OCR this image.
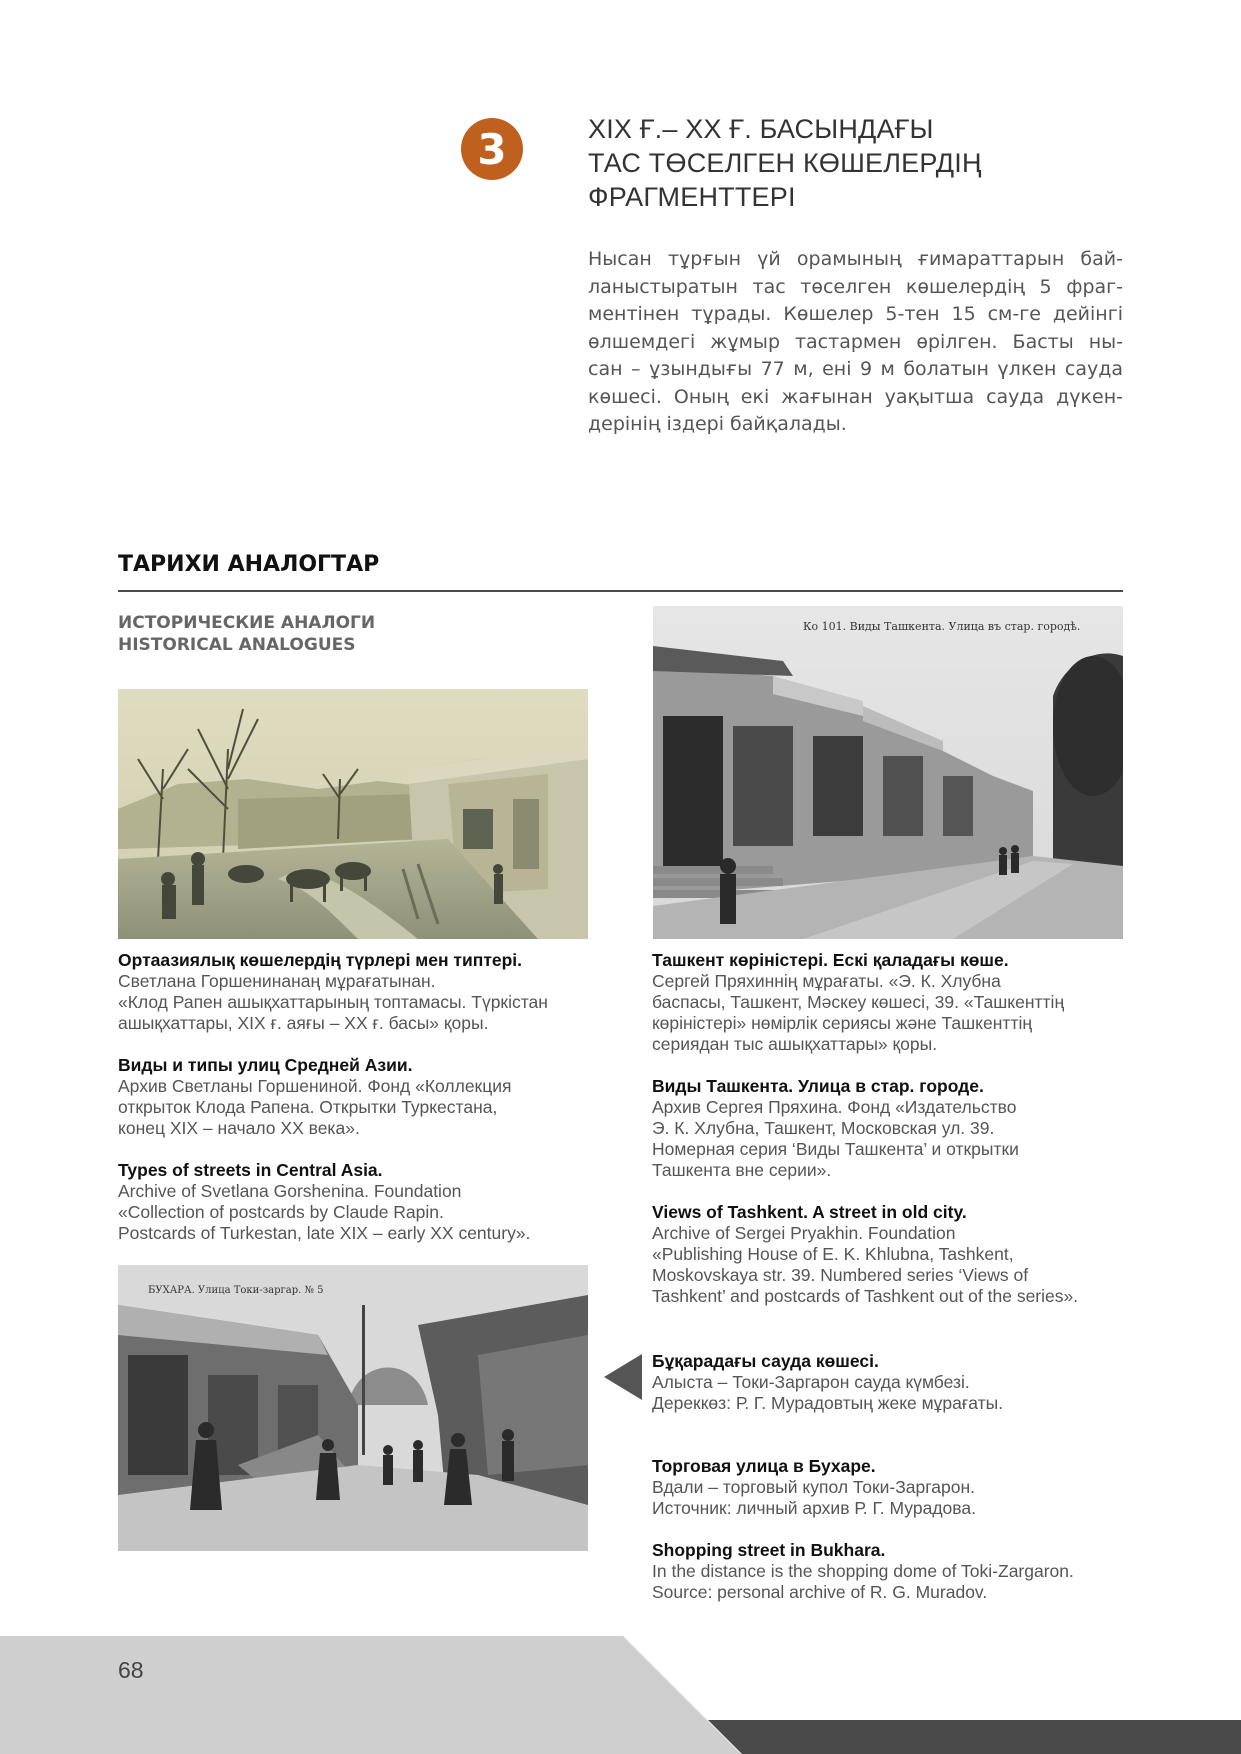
3	XIX Ғ.– XX Ғ. БАСЫНДАҒЫ
ТАС ТӨСЕЛГЕН КӨШЕЛЕРДІҢ
ФРАГМЕНТТЕРІ
Нысан тұрғын үй орамының ғимараттарын бай-
ланыстыратын тас төселген көшелердің 5 фраг-
ментінен тұрады. Көшелер 5-тен 15 см-ге дейінгі
өлшемдегі жұмыр тастармен өрілген. Басты ны-
сан – ұзындығы 77 м, ені 9 м болатын үлкен сауда
көшесі. Оның екі жағынан уақытша сауда дүкен-
дерінің іздері байқалады.
ТАРИХИ АНАЛОГТАР
ИСТОРИЧЕСКИЕ АНАЛОГИ
HISTORICAL ANALOGUES
Кo 101. Виды Ташкента. Улица въ стар. городѣ.
БУХАРА. Улица Токи-заргар. № 5
Ортаазиялық көшелердің түрлері мен типтері.
Светлана Горшенинанаң мұрағатынан.
«Клод Рапен ашықхаттарының топтамасы. Түркістан
ашықхаттары, XIX ғ. аяғы – XX ғ. басы» қоры.
Виды и типы улиц Средней Азии.
Архив Светланы Горшениной. Фонд «Коллекция
открыток Клода Рапена. Открытки Туркестана,
конец XIX – начало XX века».
Types of streets in Central Asia.
Archive of Svetlana Gorshenina. Foundation
«Collection of postcards by Claude Rapin.
Postcards of Turkestan, late XIX – early XX century».
Ташкент көріністері. Ескі қаладағы көше.
Сергей Пряхиннің мұрағаты. «Э. К. Хлубна
баспасы, Ташкент, Мәскеу көшесі, 39. «Ташкенттің
көріністері» нөмірлік сериясы және Ташкенттің
сериядан тыс ашықхаттары» қоры.
Виды Ташкента. Улица в стар. городе.
Архив Сергея Пряхина. Фонд «Издательство
Э. К. Хлубна, Ташкент, Московская ул. 39.
Номерная серия ‘Виды Ташкента’ и открытки
Ташкента вне серии».
Views of Tashkent. A street in old city.
Archive of Sergei Pryakhin. Foundation
«Publishing House of E. K. Khlubna, Tashkent,
Moskovskaya str. 39. Numbered series ‘Views of
Tashkent’ and postcards of Tashkent out of the series».
Бұқарадағы сауда көшесі.
Алыста – Токи-Заргарон сауда күмбезі.
Дереккөз: Р. Г. Мурадовтың жеке мұрағаты.
Торговая улица в Бухаре.
Вдали – торговый купол Токи-Заргарон.
Источник: личный архив Р. Г. Мурадова.
Shopping street in Bukhara.
In the distance is the shopping dome of Toki-Zargaron.
Source: personal archive of R. G. Muradov.
68
